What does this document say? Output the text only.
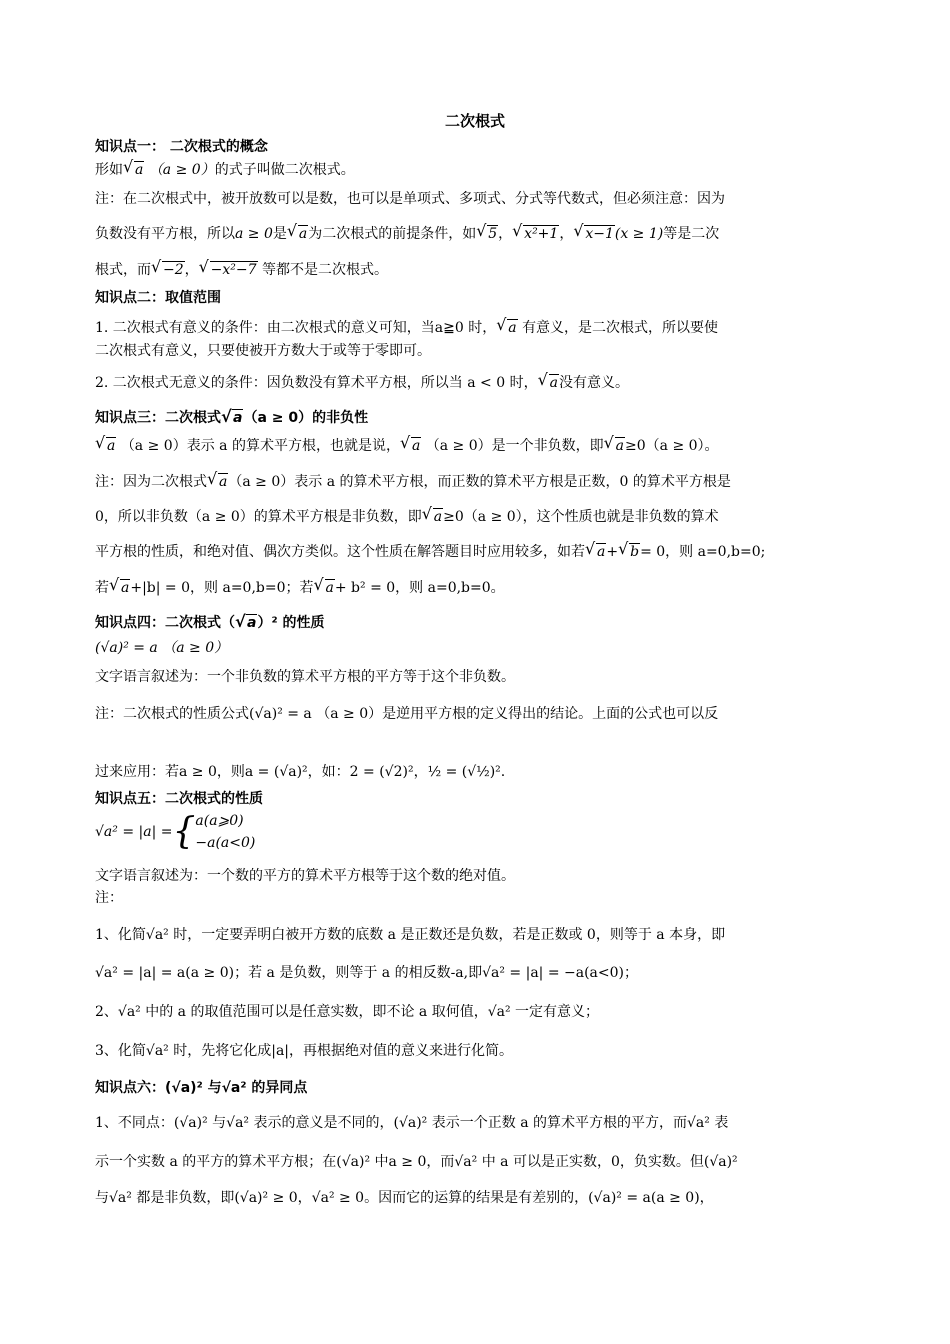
二次根式
知识点一： 二次根式的概念
形如 √ a （a ≥ 0）的式子叫做二次根式。
注：在二次根式中，被开放数可以是数，也可以是单项式、多项式、分式等代数式，但必须注意：因为
负数没有平方根，所以a ≥ 0是 √ a为二次根式的前提条件，如 √ 5， √ x²+1， √ x−1(x ≥ 1)等是二次
根式，而 √ −2， √ −x²−7 等都不是二次根式。
知识点二：取值范围
1. 二次根式有意义的条件：由二次根式的意义可知，当a≧0 时， √ a 有意义，是二次根式，所以要使
二次根式有意义，只要使被开方数大于或等于零即可。
2. 二次根式无意义的条件：因负数没有算术平方根，所以当 a < 0 时， √ a没有意义。
知识点三：二次根式 √ a（a ≥ 0）的非负性
√ a （a ≥ 0）表示 a 的算术平方根，也就是说， √ a （a ≥ 0）是一个非负数，即 √ a≥0（a ≥ 0）。
注：因为二次根式 √ a（a ≥ 0）表示 a 的算术平方根，而正数的算术平方根是正数，0 的算术平方根是
0，所以非负数（a ≥ 0）的算术平方根是非负数，即 √ a≥0（a ≥ 0），这个性质也就是非负数的算术
平方根的性质，和绝对值、偶次方类似。这个性质在解答题目时应用较多，如若 √ a+ √ b= 0，则 a=0,b=0;
若 √ a+|b| = 0，则 a=0,b=0；若 √ a+ b² = 0，则 a=0,b=0。
知识点四：二次根式（ √ a）² 的性质
(√a)² = a （a ≥ 0）
文字语言叙述为：一个非负数的算术平方根的平方等于这个非负数。
注：二次根式的性质公式(√a)² = a （a ≥ 0）是逆用平方根的定义得出的结论。上面的公式也可以反
过来应用：若a ≥ 0，则a = (√a)²，如：2 = (√2)²，½ = (√½)².
知识点五：二次根式的性质
√a² = |a| ={a(a⩾0)
−a(a<0)
文字语言叙述为：一个数的平方的算术平方根等于这个数的绝对值。
注：
1、化简√a² 时，一定要弄明白被开方数的底数 a 是正数还是负数，若是正数或 0，则等于 a 本身，即
√a² = |a| = a(a ≥ 0)；若 a 是负数，则等于 a 的相反数-a,即√a² = |a| = −a(a<0)；
2、√a² 中的 a 的取值范围可以是任意实数，即不论 a 取何值，√a² 一定有意义；
3、化简√a² 时，先将它化成|a|，再根据绝对值的意义来进行化简。
知识点六：(√a)² 与√a² 的异同点
1、不同点：(√a)² 与√a² 表示的意义是不同的，(√a)² 表示一个正数 a 的算术平方根的平方，而√a² 表
示一个实数 a 的平方的算术平方根；在(√a)² 中a ≥ 0，而√a² 中 a 可以是正实数，0，负实数。但(√a)²
与√a² 都是非负数，即(√a)² ≥ 0，√a² ≥ 0。因而它的运算的结果是有差别的，(√a)² = a(a ≥ 0)，
